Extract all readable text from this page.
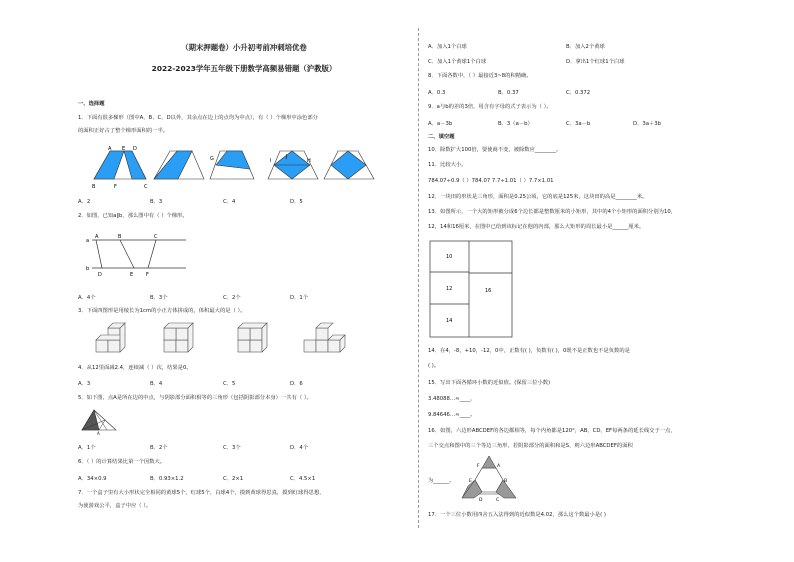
（期末押题卷）小升初考前冲刺培优卷
2022-2023学年五年级下册数学高频易错题（沪教版）
一、选择题
1．下面有很多梯形（图中A、B、C、D以外，其余点在边上的点均为中点），有（ ）个梯形中涂色部分
的面积正好占了整个梯形面积的一半。
A E D
B	F	C
G	J
H
I
A．2	B．3	C．4	D．5
2．如图，已知a∥b，那么图中有（ ）个梯形。
a
b
A	B	C
D	E	F
A．4个	B．3个	C．2个	D．1个
3．下面四图形是用棱长为1cm的小正方体拼成的，体积最大的是（ ）。
4．从12里面减2.4，连续减（ ）次，结果是0。
A．3	B．4	C．5	D．6
5．如下图，点A是所在边的中点，与阴影部分面积相等的三角形（包括阴影部分本身）一共有（ ）。
A
A．1个	B．2个	C．3个	D．4个
6．（ ）的计算结果比第一个因数大。
A．34×0.9	B．0.93×1.2	C．2×1	C．4.5×1
7．一个盒子里有大小形状完全相同的黄球5个，红球5个，白球4个，摸到黄球得思真，摸到红球得思想，
为使游戏公平，盒子中应（ ）。
A．加入1个白球	B．加入2个黄球
C．加入1个黄球1个白球	D．拿出1个红球1个白球
8．下面各数中，（ ）最接近3~8的积精确。
A．0.3	B．0.37	C．0.372
9．a与b的差的3倍，用含有字母的式子表示为（ ）。
A．a－3b	B．3（a－b）	C．3a－b	D．3a＋3b
二、填空题
10．除数扩大100倍，要使商不变，被除数应________。
11．比较大小。
784.07÷0.9（ ）784.07 7.7÷1.01（ ）7.7×1.01
12．一块田的形状是三角形，面积是0.25公顷，它的底是125米，这块田的高是________米。
13．如图所示，一个大的矩形被分成6个边长都是整数厘米的小矩形，其中的4个小矩形的面积分别为10，
12，14和16厘米，在图中已给到该标记在他的内部，那么大矩形的周长最小是______厘米。
10
12	16
14
14．在4，-8，+10，-12，0中，正数有( )，负数有( )，0既不是正数也不是负数的是
( )。
15．写出下面各循环小数的近似值。(保留三位小数)
3.48088…≈____，
9.84646…≈____。
16．如图，六边形ABCDEF的各边都相等，每个内角都是120°，AB、CD、EF每两条的延长线交于一点，
三个交点和图中的三个等边三角形，若阴影部分的面积和是S，则六边形ABCDEF的面积
A
B
C
D
E
F
为______。
17．一个三位小数用四舍五入法得到的近似数是4.02，那么这个数最小是( )
